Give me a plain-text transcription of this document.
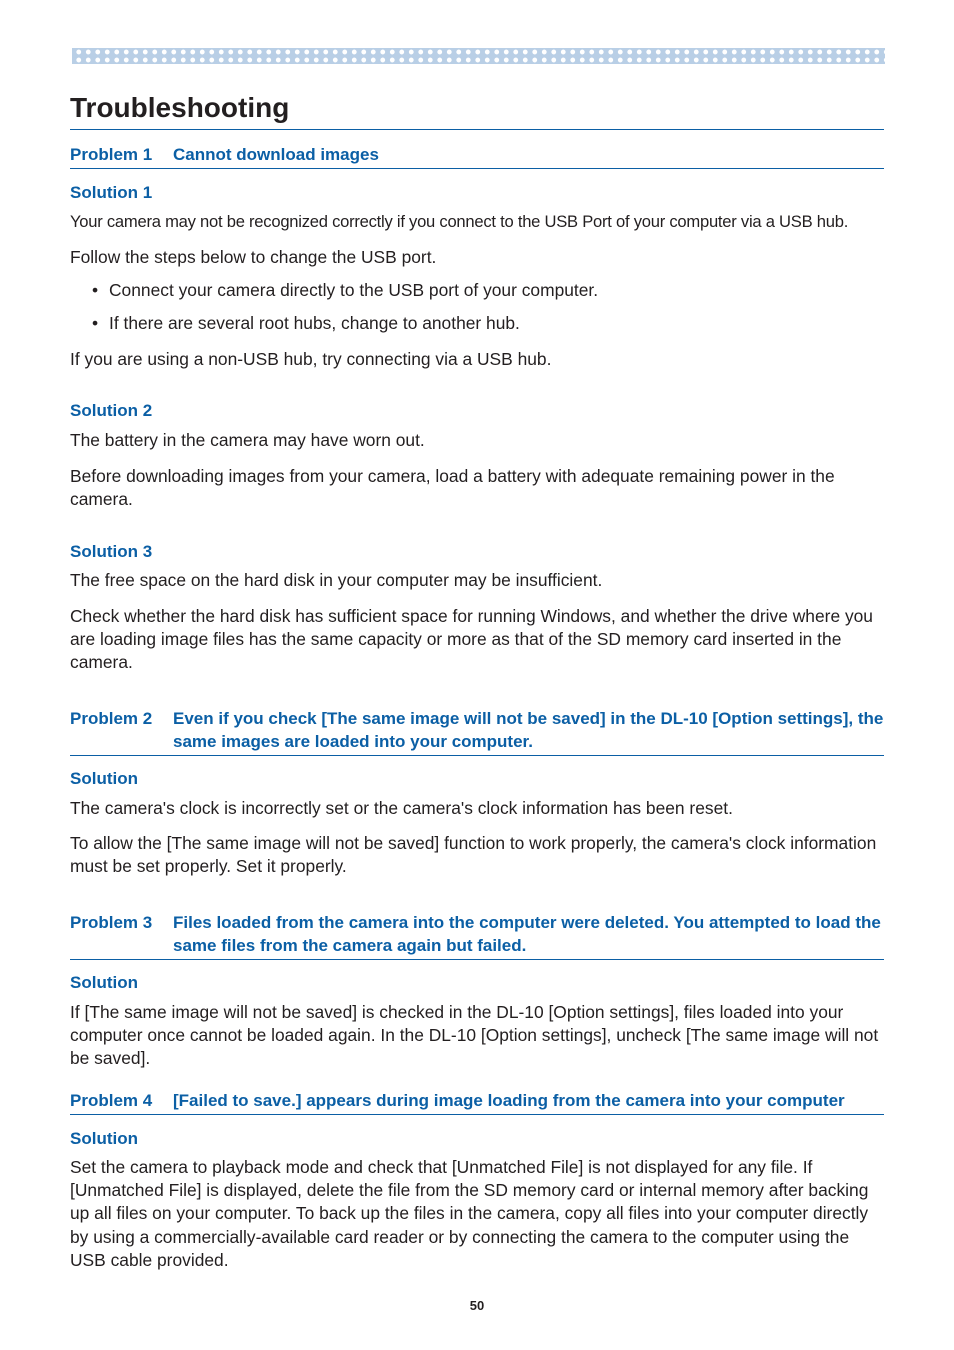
Troubleshooting
Problem 1	Cannot download images
Solution 1
Your camera may not be recognized correctly if you connect to the USB Port of your computer via a USB hub.
Follow the steps below to change the USB port.
• Connect your camera directly to the USB port of your computer.
• If there are several root hubs, change to another hub.
If you are using a non-USB hub, try connecting via a USB hub.
Solution 2
The battery in the camera may have worn out.
Before downloading images from your camera, load a battery with adequate remaining power in the camera.
Solution 3
The free space on the hard disk in your computer may be insufficient.
Check whether the hard disk has sufficient space for running Windows, and whether the drive where you are loading image files has the same capacity or more as that of the SD memory card inserted in the camera.
Problem 2	Even if you check [The same image will not be saved] in the DL-10 [Option settings], the same images are loaded into your computer.
Solution
The camera's clock is incorrectly set or the camera's clock information has been reset.
To allow the [The same image will not be saved] function to work properly, the camera's clock information must be set properly. Set it properly.
Problem 3	Files loaded from the camera into the computer were deleted. You attempted to load the same files from the camera again but failed.
Solution
If [The same image will not be saved] is checked in the DL-10 [Option settings], files loaded into your computer once cannot be loaded again. In the DL-10 [Option settings], uncheck [The same image will not be saved].
Problem 4	[Failed to save.] appears during image loading from the camera into your computer
Solution
Set the camera to playback mode and check that [Unmatched File] is not displayed for any file. If [Unmatched File] is displayed, delete the file from the SD memory card or internal memory after backing up all files on your computer. To back up the files in the camera, copy all files into your computer directly by using a commercially-available card reader or by connecting the camera to the computer using the USB cable provided.
50
